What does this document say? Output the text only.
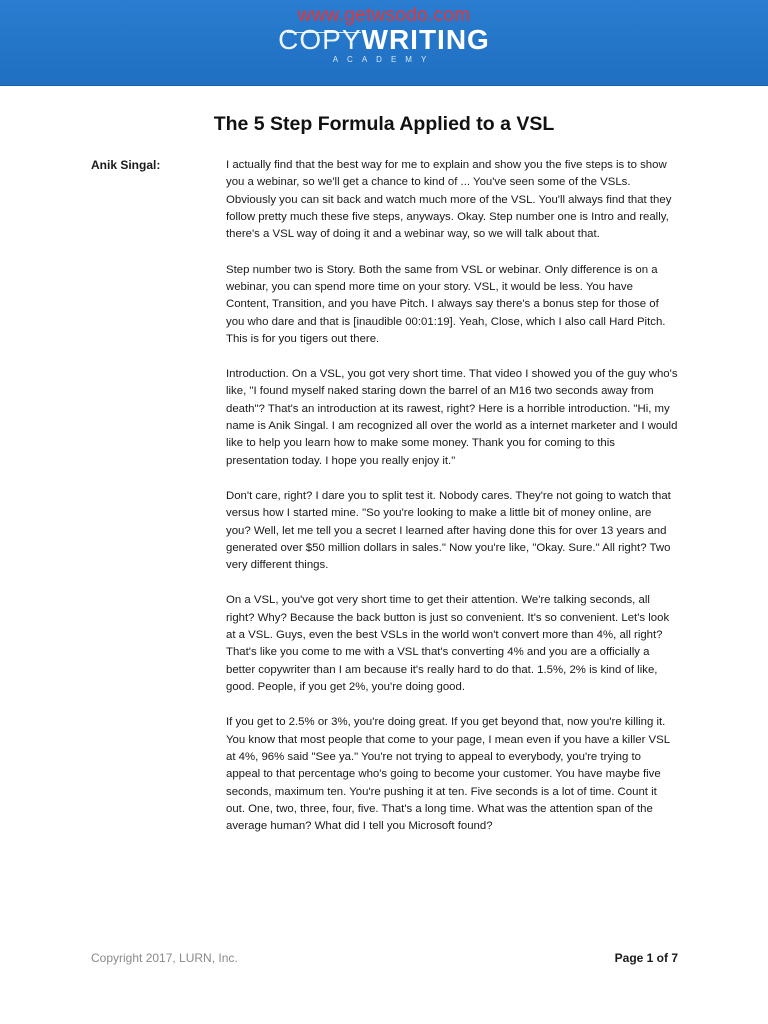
www.getwsodo.com
COPYWRITING
ACADEMY
The 5 Step Formula Applied to a VSL
Anik Singal:	I actually find that the best way for me to explain and show you the five steps is to show you a webinar, so we'll get a chance to kind of ... You've seen some of the VSLs. Obviously you can sit back and watch much more of the VSL. You'll always find that they follow pretty much these five steps, anyways. Okay. Step number one is Intro and really, there's a VSL way of doing it and a webinar way, so we will talk about that.

Step number two is Story. Both the same from VSL or webinar. Only difference is on a webinar, you can spend more time on your story. VSL, it would be less. You have Content, Transition, and you have Pitch. I always say there's a bonus step for those of you who dare and that is [inaudible 00:01:19]. Yeah, Close, which I also call Hard Pitch. This is for you tigers out there.

Introduction. On a VSL, you got very short time. That video I showed you of the guy who's like, "I found myself naked staring down the barrel of an M16 two seconds away from death"? That's an introduction at its rawest, right? Here is a horrible introduction. "Hi, my name is Anik Singal. I am recognized all over the world as a internet marketer and I would like to help you learn how to make some money. Thank you for coming to this presentation today. I hope you really enjoy it."

Don't care, right? I dare you to split test it. Nobody cares. They're not going to watch that versus how I started mine. "So you're looking to make a little bit of money online, are you? Well, let me tell you a secret I learned after having done this for over 13 years and generated over $50 million dollars in sales." Now you're like, "Okay. Sure." All right? Two very different things.

On a VSL, you've got very short time to get their attention. We're talking seconds, all right? Why? Because the back button is just so convenient. It's so convenient. Let's look at a VSL. Guys, even the best VSLs in the world won't convert more than 4%, all right? That's like you come to me with a VSL that's converting 4% and you are a officially a better copywriter than I am because it's really hard to do that. 1.5%, 2% is kind of like, good. People, if you get 2%, you're doing good.

If you get to 2.5% or 3%, you're doing great. If you get beyond that, now you're killing it. You know that most people that come to your page, I mean even if you have a killer VSL at 4%, 96% said "See ya." You're not trying to appeal to everybody, you're trying to appeal to that percentage who's going to become your customer. You have maybe five seconds, maximum ten. You're pushing it at ten. Five seconds is a lot of time. Count it out. One, two, three, four, five. That's a long time. What was the attention span of the average human? What did I tell you Microsoft found?

Copyright 2017, LURN, Inc.	Page 1 of 7
